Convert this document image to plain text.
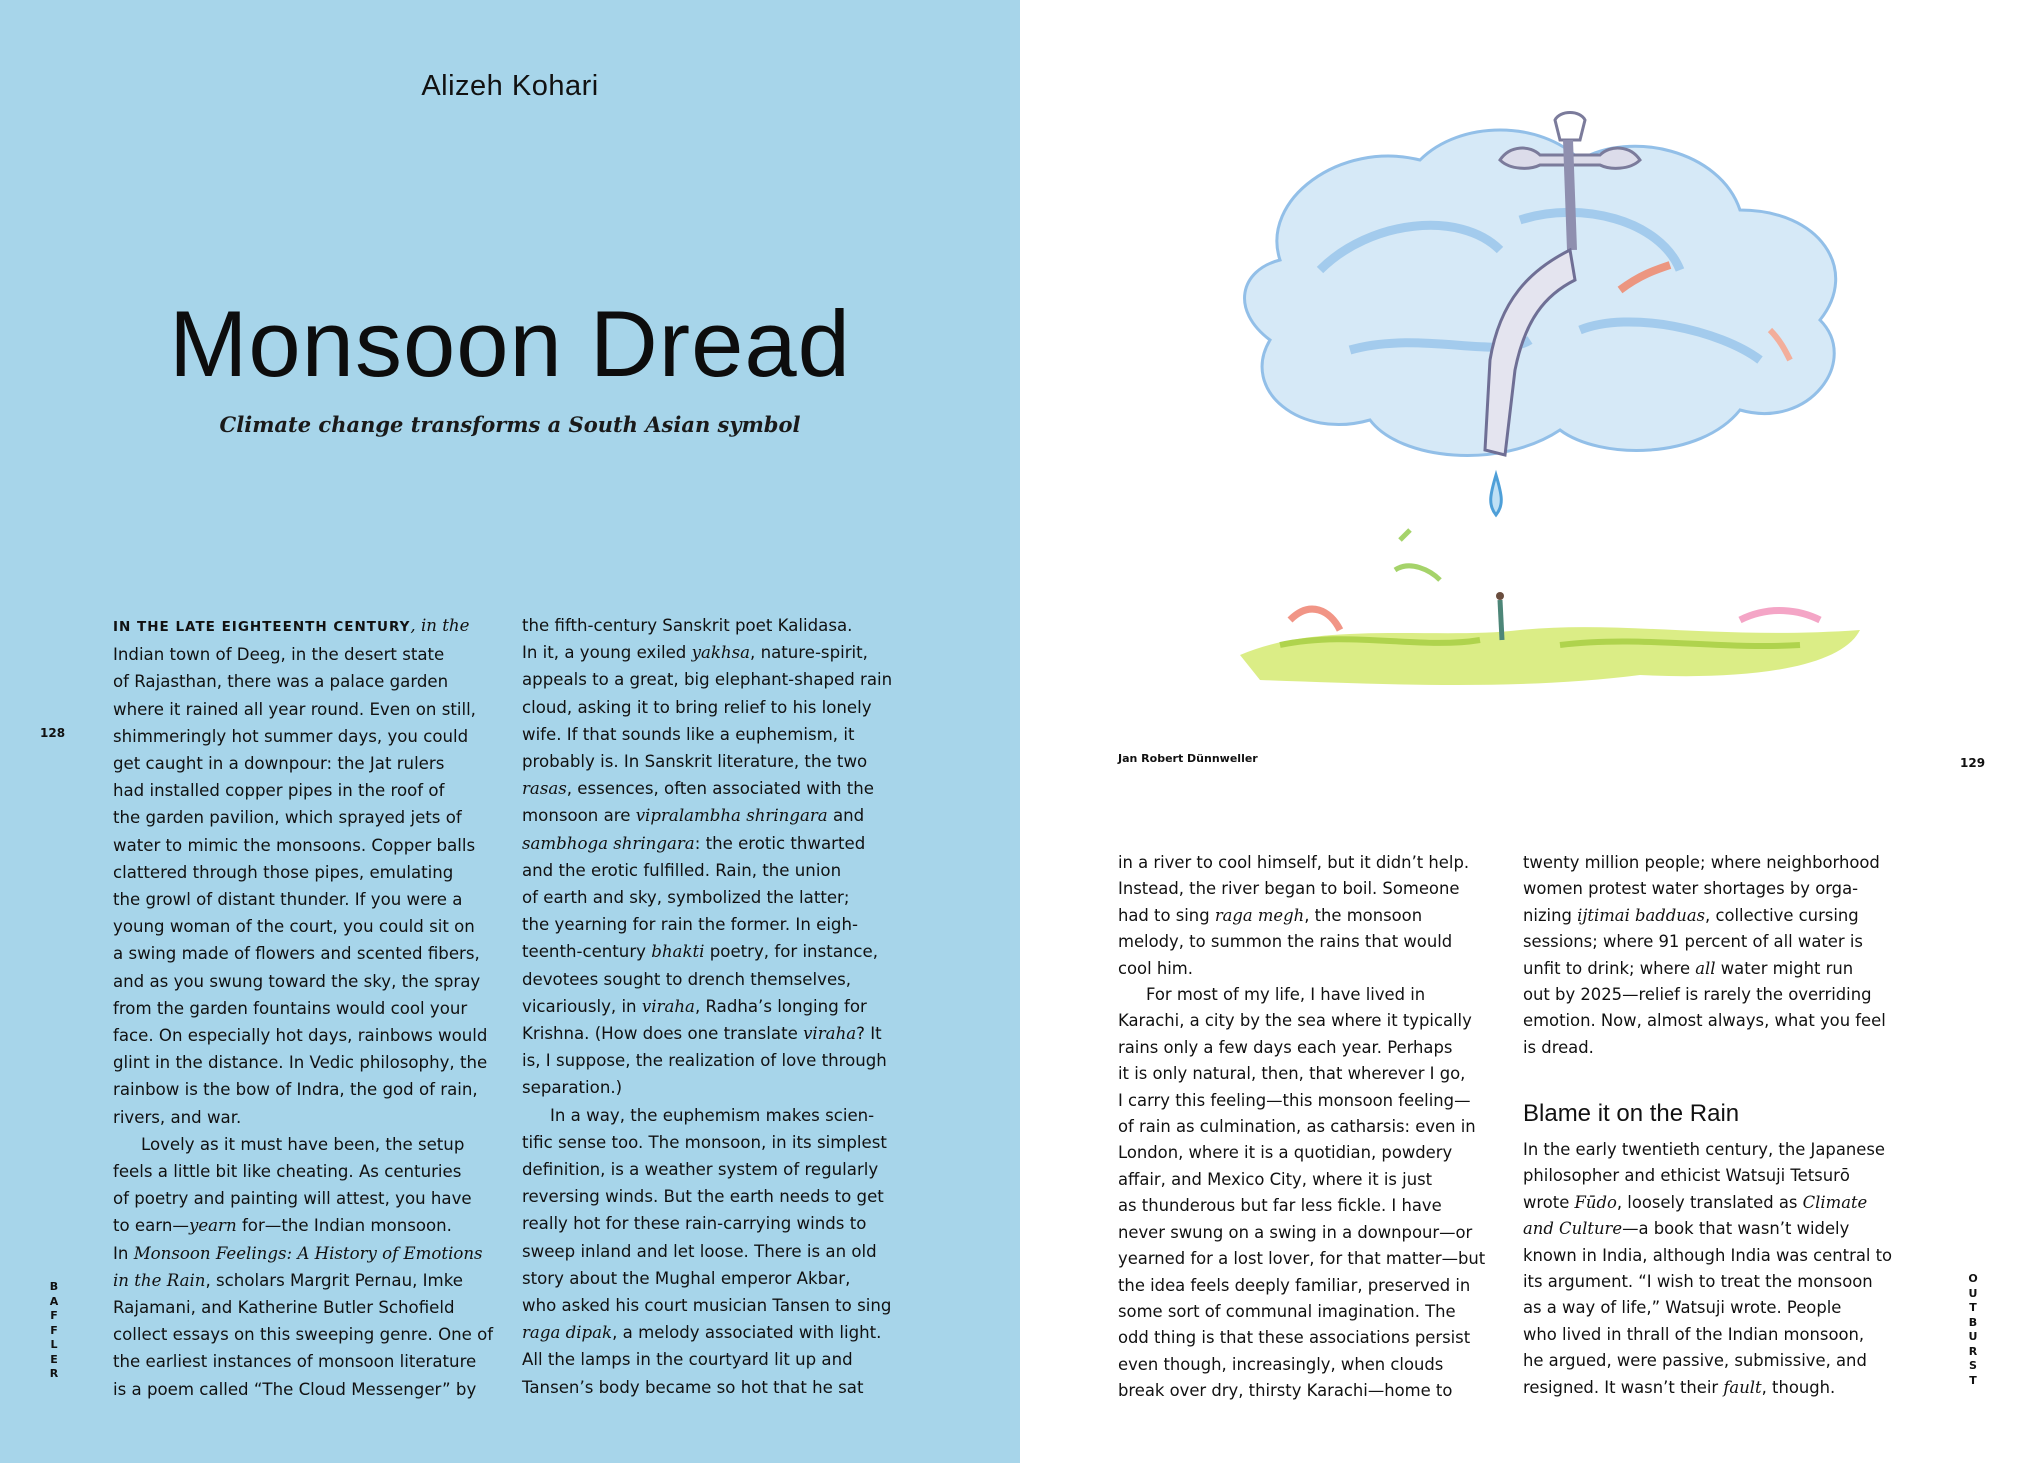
Alizeh Kohari
Monsoon Dread
Climate change transforms a South Asian symbol
128
B
A
F
F
L
E
R
IN THE LATE EIGHTEENTH CENTURY, in the
Indian town of Deeg, in the desert state
of Rajasthan, there was a palace garden
where it rained all year round. Even on still,
shimmeringly hot summer days, you could
get caught in a downpour: the Jat rulers
had installed copper pipes in the roof of
the garden pavilion, which sprayed jets of
water to mimic the monsoons. Copper balls
clattered through those pipes, emulating
the growl of distant thunder. If you were a
young woman of the court, you could sit on
a swing made of flowers and scented fibers,
and as you swung toward the sky, the spray
from the garden fountains would cool your
face. On especially hot days, rainbows would
glint in the distance. In Vedic philosophy, the
rainbow is the bow of Indra, the god of rain,
rivers, and war.
Lovely as it must have been, the setup
feels a little bit like cheating. As centuries
of poetry and painting will attest, you have
to earn—yearn for—the Indian monsoon.
In Monsoon Feelings: A History of Emotions
in the Rain, scholars Margrit Pernau, Imke
Rajamani, and Katherine Butler Schofield
collect essays on this sweeping genre. One of
the earliest instances of monsoon literature
is a poem called “The Cloud Messenger” by
the fifth-century Sanskrit poet Kalidasa.
In it, a young exiled yakhsa, nature-spirit,
appeals to a great, big elephant-shaped rain
cloud, asking it to bring relief to his lonely
wife. If that sounds like a euphemism, it
probably is. In Sanskrit literature, the two
rasas, essences, often associated with the
monsoon are vipralambha shringara and
sambhoga shringara: the erotic thwarted
and the erotic fulfilled. Rain, the union
of earth and sky, symbolized the latter;
the yearning for rain the former. In eigh-
teenth-century bhakti poetry, for instance,
devotees sought to drench themselves,
vicariously, in viraha, Radha’s longing for
Krishna. (How does one translate viraha? It
is, I suppose, the realization of love through
separation.)
In a way, the euphemism makes scien-
tific sense too. The monsoon, in its simplest
definition, is a weather system of regularly
reversing winds. But the earth needs to get
really hot for these rain-carrying winds to
sweep inland and let loose. There is an old
story about the Mughal emperor Akbar,
who asked his court musician Tansen to sing
raga dipak, a melody associated with light.
All the lamps in the courtyard lit up and
Tansen’s body became so hot that he sat
Jan Robert Dünnweller	129
O
U
T
B
U
R
S
T
in a river to cool himself, but it didn’t help.
Instead, the river began to boil. Someone
had to sing raga megh, the monsoon
melody, to summon the rains that would
cool him.
For most of my life, I have lived in
Karachi, a city by the sea where it typically
rains only a few days each year. Perhaps
it is only natural, then, that wherever I go,
I carry this feeling—this monsoon feeling—
of rain as culmination, as catharsis: even in
London, where it is a quotidian, powdery
affair, and Mexico City, where it is just
as thunderous but far less fickle. I have
never swung on a swing in a downpour—or
yearned for a lost lover, for that matter—but
the idea feels deeply familiar, preserved in
some sort of communal imagination. The
odd thing is that these associations persist
even though, increasingly, when clouds
break over dry, thirsty Karachi—home to
twenty million people; where neighborhood
women protest water shortages by orga-
nizing ijtimai badduas, collective cursing
sessions; where 91 percent of all water is
unfit to drink; where all water might run
out by 2025—relief is rarely the overriding
emotion. Now, almost always, what you feel
is dread.
Blame it on the Rain
In the early twentieth century, the Japanese
philosopher and ethicist Watsuji Tetsurō
wrote Fūdo, loosely translated as Climate
and Culture—a book that wasn’t widely
known in India, although India was central to
its argument. “I wish to treat the monsoon
as a way of life,” Watsuji wrote. People
who lived in thrall of the Indian monsoon,
he argued, were passive, submissive, and
resigned. It wasn’t their fault, though.
